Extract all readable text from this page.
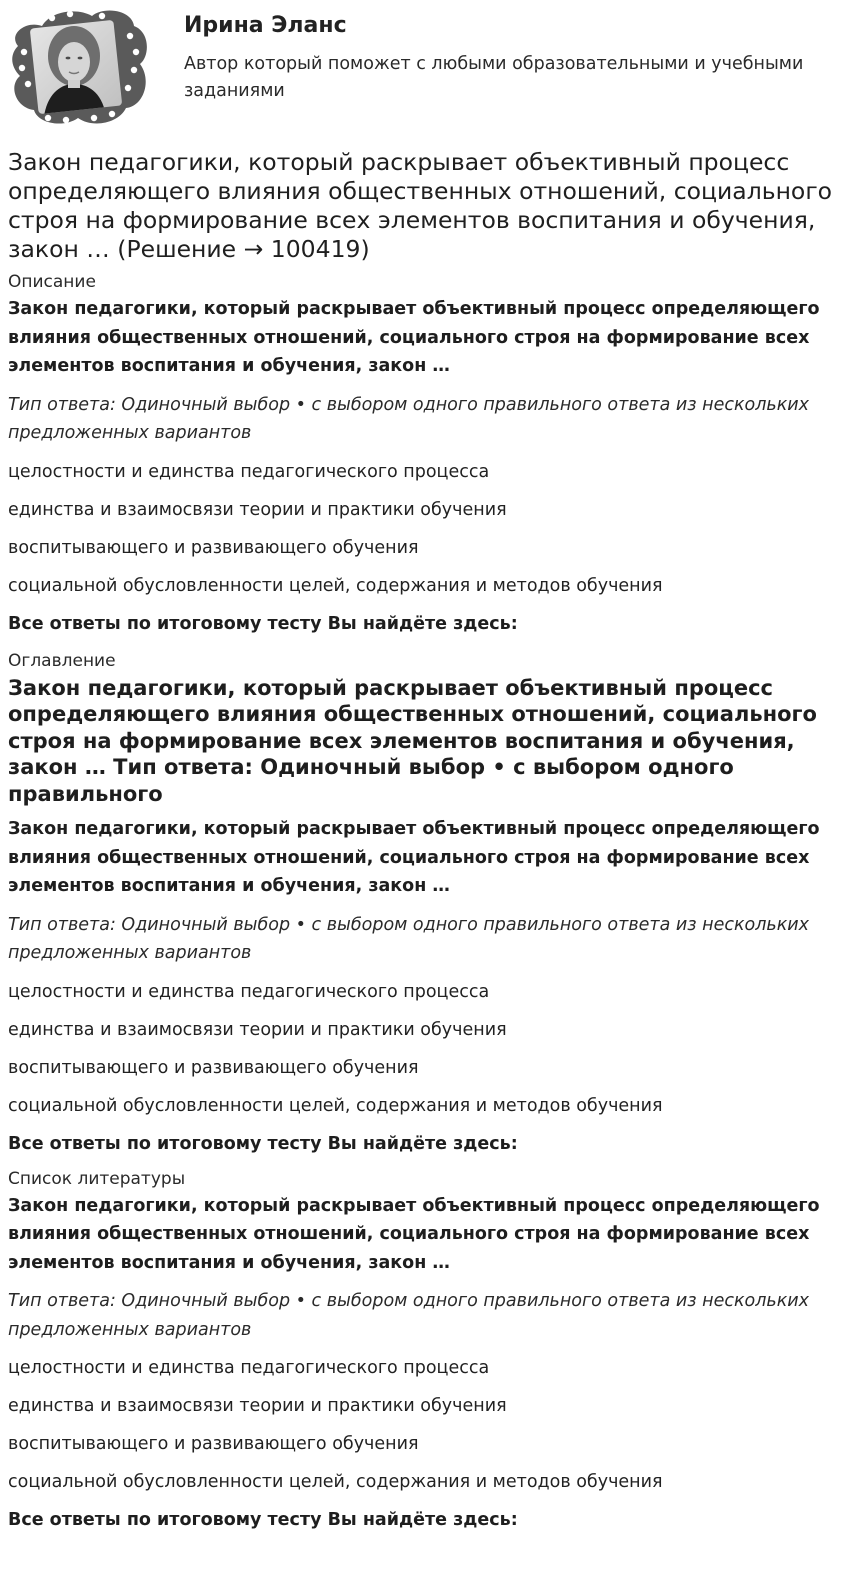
Ирина Эланс

Автор который поможет с любыми образовательными и учебными заданиями

Закон педагогики, который раскрывает объективный процесс определяющего влияния общественных отношений, социального строя на формирование всех элементов воспитания и обучения, закон … (Решение → 100419)
Описание

Закон педагогики, который раскрывает объективный процесс определяющего влияния общественных отношений, социального строя на формирование всех элементов воспитания и обучения, закон …

Тип ответа: Одиночный выбор • с выбором одного правильного ответа из нескольких предложенных вариантов

целостности и единства педагогического процесса

единства и взаимосвязи теории и практики обучения

воспитывающего и развивающего обучения

социальной обусловленности целей, содержания и методов обучения

Все ответы по итоговому тесту Вы найдёте здесь:

Оглавление
Закон педагогики, который раскрывает объективный процесс определяющего влияния общественных отношений, социального строя на формирование всех элементов воспитания и обучения, закон … Тип ответа: Одиночный выбор • с выбором одного правильного

Закон педагогики, который раскрывает объективный процесс определяющего влияния общественных отношений, социального строя на формирование всех элементов воспитания и обучения, закон …

Тип ответа: Одиночный выбор • с выбором одного правильного ответа из нескольких предложенных вариантов

целостности и единства педагогического процесса

единства и взаимосвязи теории и практики обучения

воспитывающего и развивающего обучения

социальной обусловленности целей, содержания и методов обучения

Все ответы по итоговому тесту Вы найдёте здесь:

Список литературы

Закон педагогики, который раскрывает объективный процесс определяющего влияния общественных отношений, социального строя на формирование всех элементов воспитания и обучения, закон …

Тип ответа: Одиночный выбор • с выбором одного правильного ответа из нескольких предложенных вариантов

целостности и единства педагогического процесса

единства и взаимосвязи теории и практики обучения

воспитывающего и развивающего обучения

социальной обусловленности целей, содержания и методов обучения

Все ответы по итоговому тесту Вы найдёте здесь:
